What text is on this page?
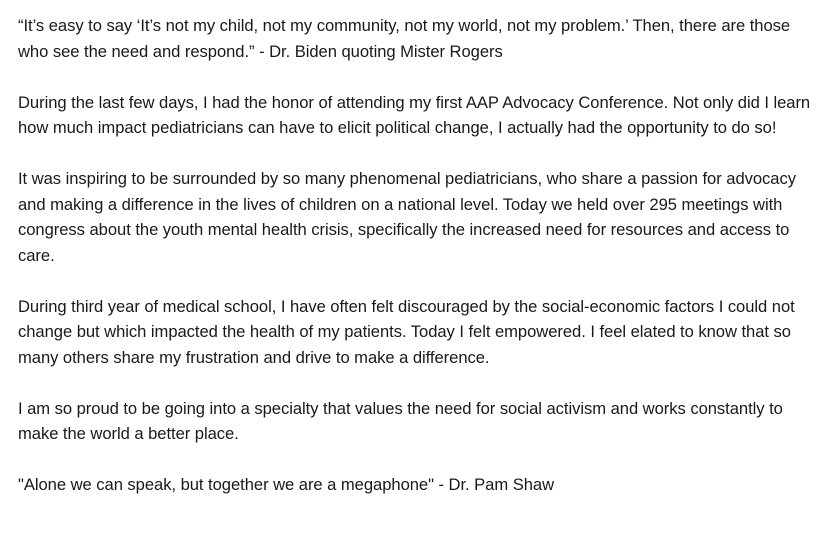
“It’s easy to say ‘It’s not my child, not my community, not my world, not my problem.’ Then, there are those who see the need and respond.” - Dr. Biden quoting Mister Rogers

During the last few days, I had the honor of attending my first AAP Advocacy Conference. Not only did I learn how much impact pediatricians can have to elicit political change, I actually had the opportunity to do so!

It was inspiring to be surrounded by so many phenomenal pediatricians, who share a passion for advocacy and making a difference in the lives of children on a national level. Today we held over 295 meetings with congress about the youth mental health crisis, specifically the increased need for resources and access to care.

During third year of medical school, I have often felt discouraged by the social-economic factors I could not change but which impacted the health of my patients. Today I felt empowered. I feel elated to know that so many others share my frustration and drive to make a difference.

I am so proud to be going into a specialty that values the need for social activism and works constantly to make the world a better place.

"Alone we can speak, but together we are a megaphone" - Dr. Pam Shaw
